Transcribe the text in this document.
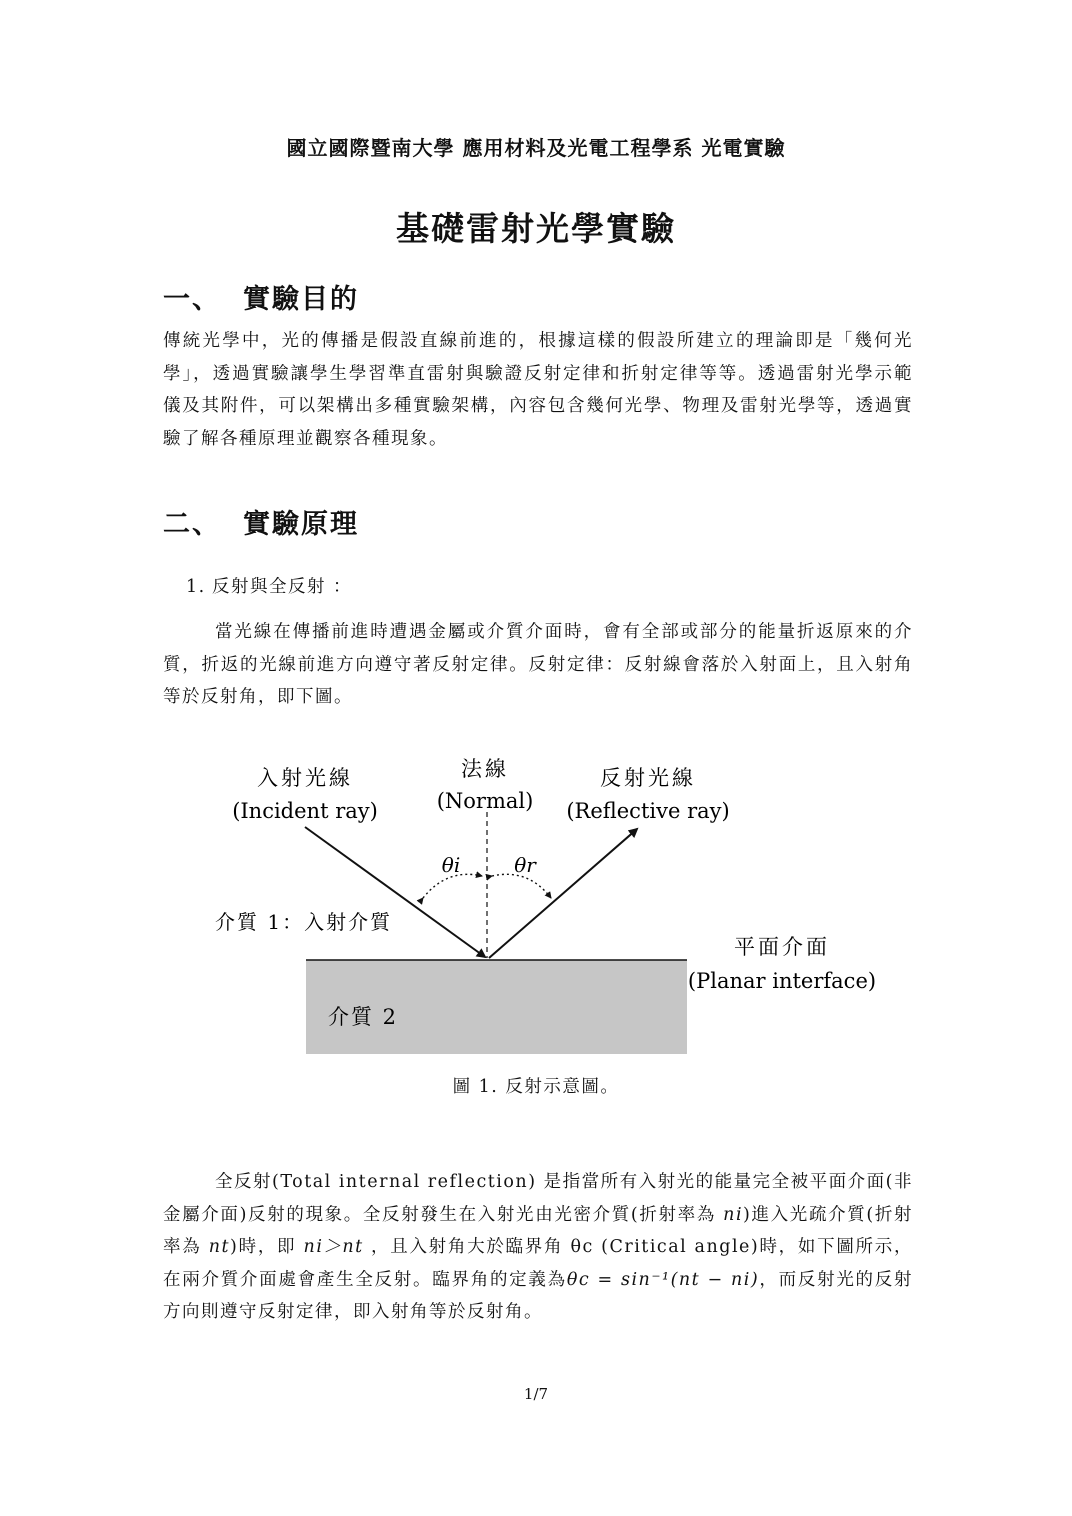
國立國際暨南大學 應用材料及光電工程學系 光電實驗

基礎雷射光學實驗

一、 實驗目的

傳統光學中，光的傳播是假設直線前進的，根據這樣的假設所建立的理論即是「幾何光學」，透過實驗讓學生學習準直雷射與驗證反射定律和折射定律等等。透過雷射光學示範儀及其附件，可以架構出多種實驗架構，內容包含幾何光學、物理及雷射光學等，透過實驗了解各種原理並觀察各種現象。

二、 實驗原理

1. 反射與全反射 ：

當光線在傳播前進時遭遇金屬或介質介面時，會有全部或部分的能量折返原來的介質，折返的光線前進方向遵守著反射定律。反射定律：反射線會落於入射面上，且入射角等於反射角，即下圖。

入射光線
(Incident ray)
法線
(Normal)
反射光線
(Reflective ray)
θi	θr
介質 1：入射介質
平面介面
(Planar interface)
介質 2

圖 1. 反射示意圖。

全反射(Total internal reflection) 是指當所有入射光的能量完全被平面介面(非金屬介面)反射的現象。全反射發生在入射光由光密介質(折射率為 ni)進入光疏介質(折射率為 nt)時，即 ni＞nt ，且入射角大於臨界角 θc (Critical angle)時，如下圖所示，在兩介質介面處會產生全反射。臨界角的定義為θc = sin⁻¹(nt − ni)，而反射光的反射方向則遵守反射定律，即入射角等於反射角。

1/7
